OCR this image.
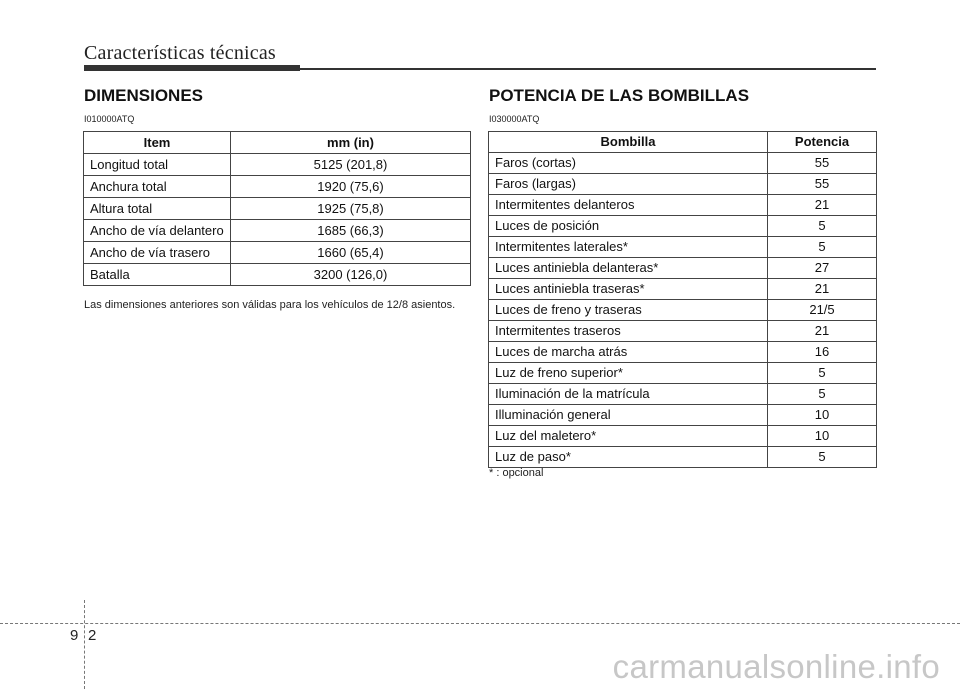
Características técnicas
DIMENSIONES
I010000ATQ
Item	mm (in)
Longitud total	5125 (201,8)
Anchura total	1920 (75,6)
Altura total	1925 (75,8)
Ancho de vía delantero	1685 (66,3)
Ancho de vía trasero	1660 (65,4)
Batalla	3200 (126,0)
Las dimensiones anteriores son válidas para los vehículos de 12/8 asientos.
POTENCIA DE LAS BOMBILLAS
I030000ATQ
Bombilla	Potencia
Faros (cortas)	55
Faros (largas)	55
Intermitentes delanteros	21
Luces de posición	5
Intermitentes laterales*	5
Luces antiniebla delanteras*	27
Luces antiniebla traseras*	21
Luces de freno y traseras	21/5
Intermitentes traseros	21
Luces de marcha atrás	16
Luz de freno superior*	5
Iluminación de la matrícula	5
Illuminación general	10
Luz del maletero*	10
Luz de paso*	5
* : opcional
9 2
carmanualsonline.info
